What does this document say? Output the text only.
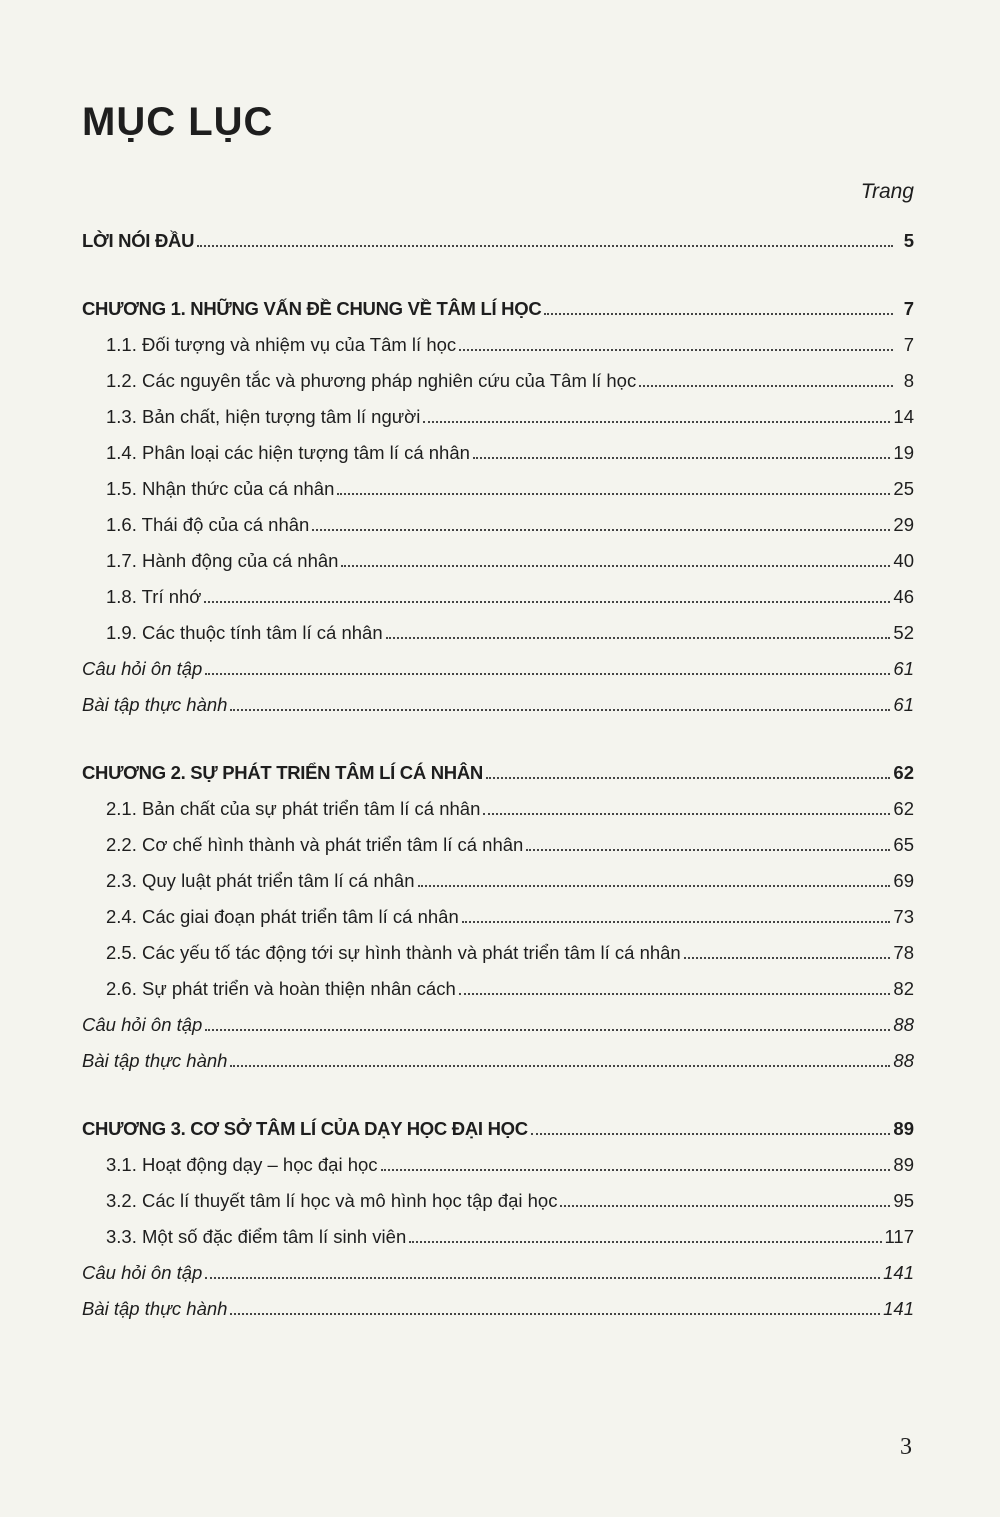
MỤC LỤC
Trang
LỜI NÓI ĐẦU	5
CHƯƠNG 1. NHỮNG VẤN ĐỀ CHUNG VỀ TÂM LÍ HỌC	7
1.1. Đối tượng và nhiệm vụ của Tâm lí học	7
1.2. Các nguyên tắc và phương pháp nghiên cứu của Tâm lí học	8
1.3. Bản chất, hiện tượng tâm lí người	14
1.4. Phân loại các hiện tượng tâm lí cá nhân	19
1.5. Nhận thức của cá nhân	25
1.6. Thái độ của cá nhân	29
1.7. Hành động của cá nhân	40
1.8. Trí nhớ	46
1.9. Các thuộc tính tâm lí cá nhân	52
Câu hỏi ôn tập	61
Bài tập thực hành	61
CHƯƠNG 2. SỰ PHÁT TRIỂN TÂM LÍ CÁ NHÂN	62
2.1. Bản chất của sự phát triển tâm lí cá nhân	62
2.2. Cơ chế hình thành và phát triển tâm lí cá nhân	65
2.3. Quy luật phát triển tâm lí cá nhân	69
2.4. Các giai đoạn phát triển tâm lí cá nhân	73
2.5. Các yếu tố tác động tới sự hình thành và phát triển tâm lí cá nhân	78
2.6. Sự phát triển và hoàn thiện nhân cách	82
Câu hỏi ôn tập	88
Bài tập thực hành	88
CHƯƠNG 3. CƠ SỞ TÂM LÍ CỦA DẠY HỌC ĐẠI HỌC	89
3.1. Hoạt động dạy – học đại học	89
3.2. Các lí thuyết tâm lí học và mô hình học tập đại học	95
3.3. Một số đặc điểm tâm lí sinh viên	117
Câu hỏi ôn tập	141
Bài tập thực hành	141
3
